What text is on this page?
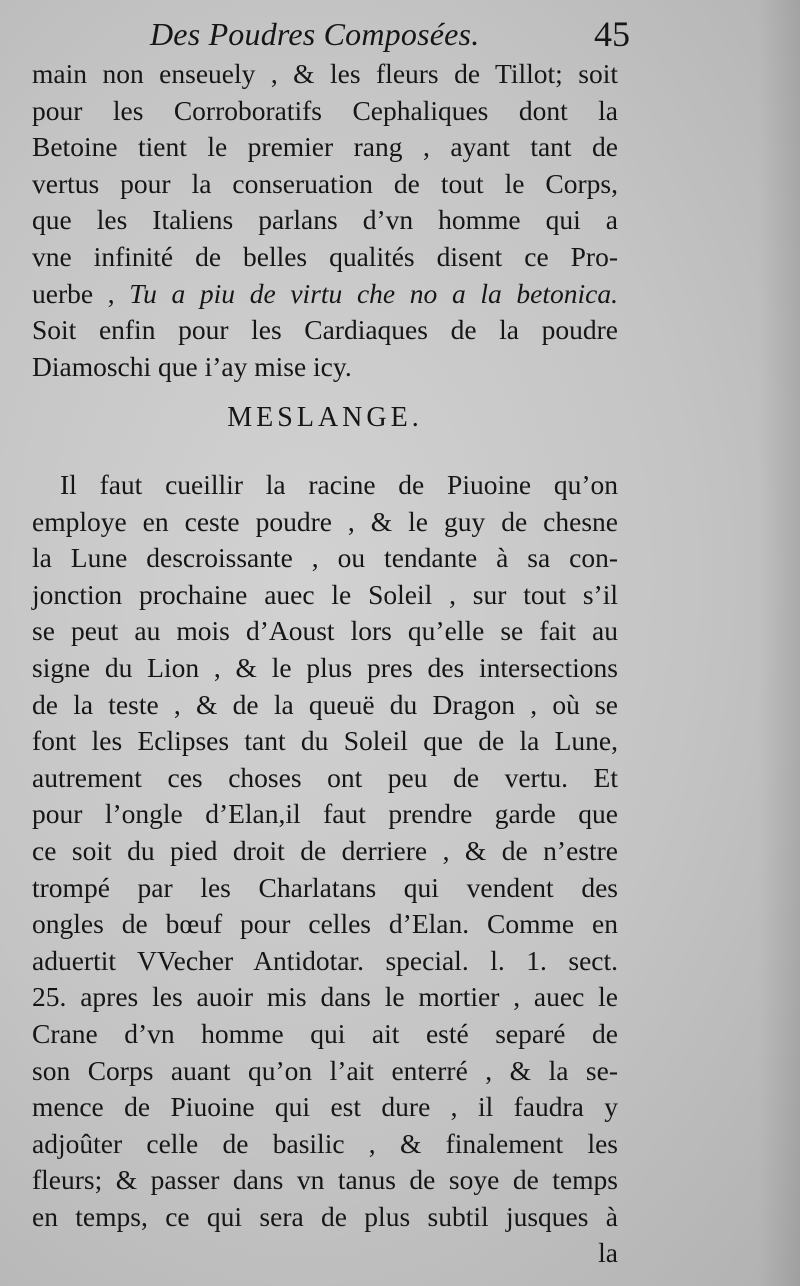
Des Poudres Composées.	45
main non enseuely , & les fleurs de Tillot; soit
pour les Corroboratifs Cephaliques dont la
Betoine tient le premier rang , ayant tant de
vertus pour la conseruation de tout le Corps,
que les Italiens parlans d’vn homme qui a
vne infinité de belles qualités disent ce Pro-
uerbe , Tu a piu de virtu che no a la betonica.
Soit enfin pour les Cardiaques de la poudre
Diamoschi que i’ay mise icy.
MESLANGE.
Il faut cueillir la racine de Piuoine qu’on
employe en ceste poudre , & le guy de chesne
la Lune descroissante , ou tendante à sa con-
jonction prochaine auec le Soleil , sur tout s’il
se peut au mois d’Aoust lors qu’elle se fait au
signe du Lion , & le plus pres des intersections
de la teste , & de la queuë du Dragon , où se
font les Eclipses tant du Soleil que de la Lune,
autrement ces choses ont peu de vertu. Et
pour l’ongle d’Elan,il faut prendre garde que
ce soit du pied droit de derriere , & de n’estre
trompé par les Charlatans qui vendent des
ongles de bœuf pour celles d’Elan. Comme en
aduertit VVecher Antidotar. special. l. 1. sect.
25. apres les auoir mis dans le mortier , auec le
Crane d’vn homme qui ait esté separé de
son Corps auant qu’on l’ait enterré , & la se-
mence de Piuoine qui est dure , il faudra y
adjoûter celle de basilic , & finalement les
fleurs; & passer dans vn tanus de soye de temps
en temps, ce qui sera de plus subtil jusques à
la
